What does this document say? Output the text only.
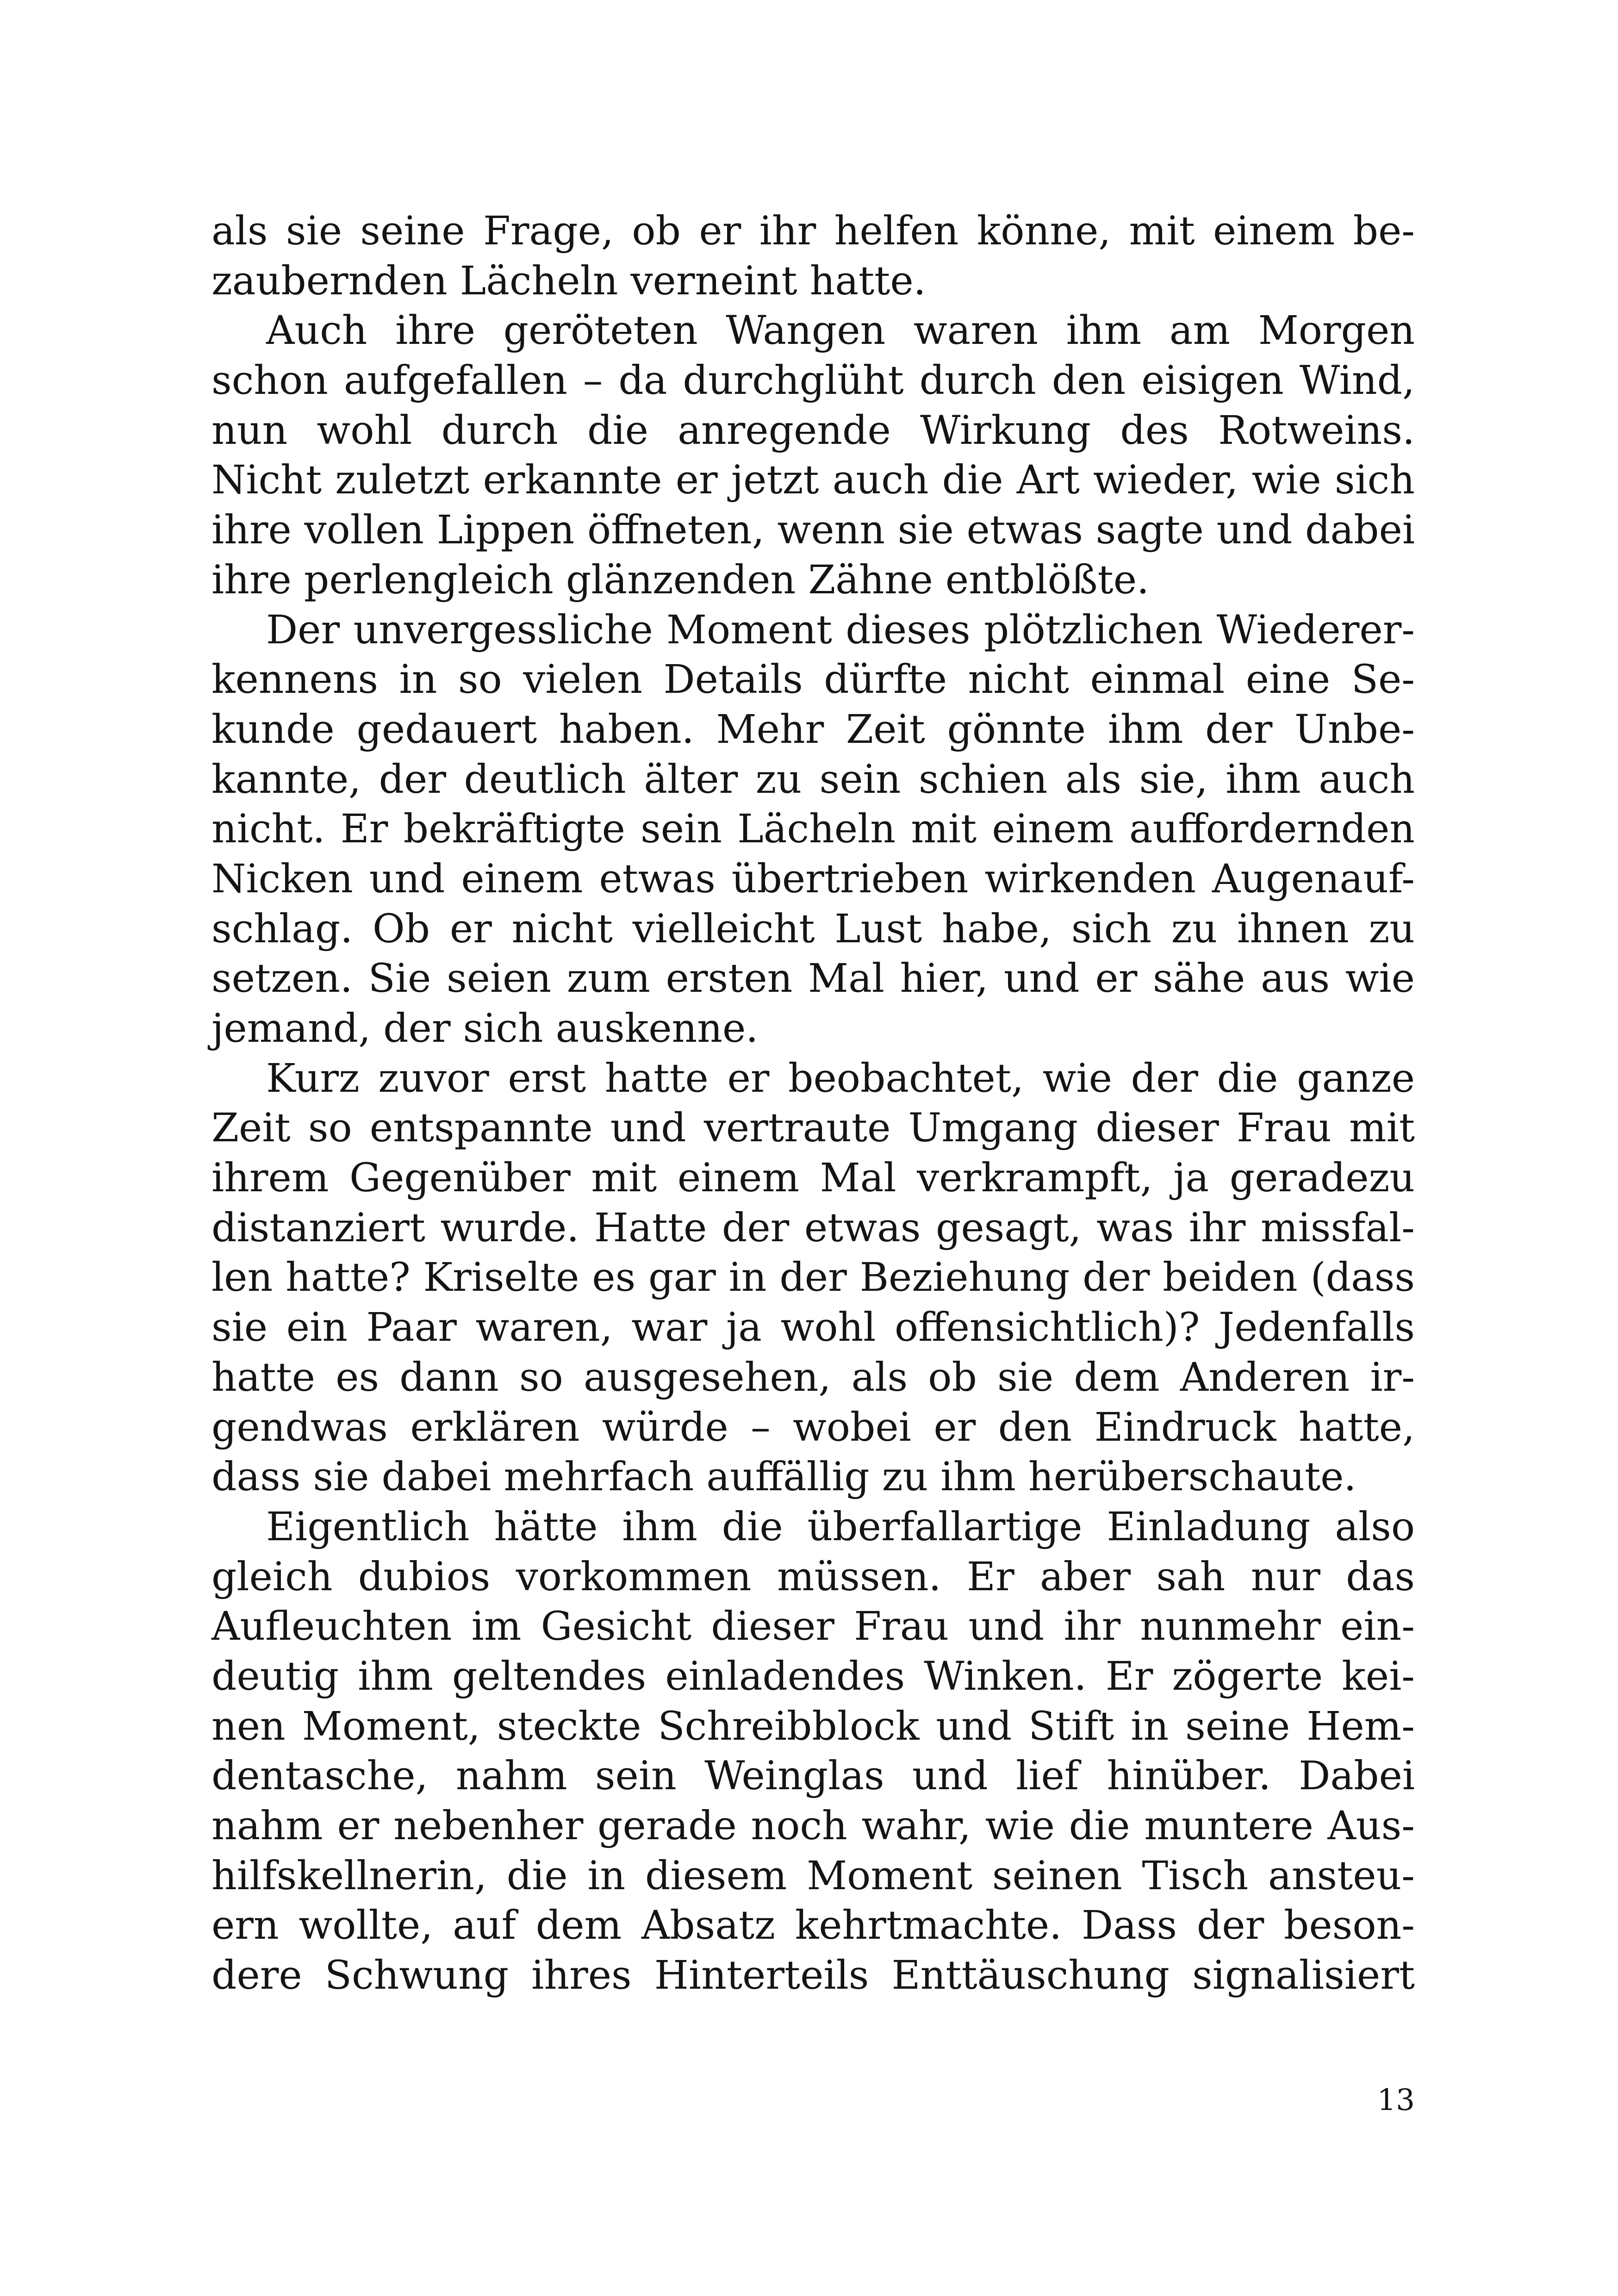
als sie seine Frage, ob er ihr helfen könne, mit einem be-
zaubernden Lächeln verneint hatte.
Auch ihre geröteten Wangen waren ihm am Morgen
schon aufgefallen – da durchglüht durch den eisigen Wind,
nun wohl durch die anregende Wirkung des Rotweins.
Nicht zuletzt erkannte er jetzt auch die Art wieder, wie sich
ihre vollen Lippen öffneten, wenn sie etwas sagte und dabei
ihre perlengleich glänzenden Zähne entblößte.
Der unvergessliche Moment dieses plötzlichen Wiederer-
kennens in so vielen Details dürfte nicht einmal eine Se-
kunde gedauert haben. Mehr Zeit gönnte ihm der Unbe-
kannte, der deutlich älter zu sein schien als sie, ihm auch
nicht. Er bekräftigte sein Lächeln mit einem auffordernden
Nicken und einem etwas übertrieben wirkenden Augenauf-
schlag. Ob er nicht vielleicht Lust habe, sich zu ihnen zu
setzen. Sie seien zum ersten Mal hier, und er sähe aus wie
jemand, der sich auskenne.
Kurz zuvor erst hatte er beobachtet, wie der die ganze
Zeit so entspannte und vertraute Umgang dieser Frau mit
ihrem Gegenüber mit einem Mal verkrampft, ja geradezu
distanziert wurde. Hatte der etwas gesagt, was ihr missfal-
len hatte? Kriselte es gar in der Beziehung der beiden (dass
sie ein Paar waren, war ja wohl offensichtlich)? Jedenfalls
hatte es dann so ausgesehen, als ob sie dem Anderen ir-
gendwas erklären würde – wobei er den Eindruck hatte,
dass sie dabei mehrfach auffällig zu ihm herüberschaute.
Eigentlich hätte ihm die überfallartige Einladung also
gleich dubios vorkommen müssen. Er aber sah nur das
Aufleuchten im Gesicht dieser Frau und ihr nunmehr ein-
deutig ihm geltendes einladendes Winken. Er zögerte kei-
nen Moment, steckte Schreibblock und Stift in seine Hem-
dentasche, nahm sein Weinglas und lief hinüber. Dabei
nahm er nebenher gerade noch wahr, wie die muntere Aus-
hilfskellnerin, die in diesem Moment seinen Tisch ansteu-
ern wollte, auf dem Absatz kehrtmachte. Dass der beson-
dere Schwung ihres Hinterteils Enttäuschung signalisiert
13
